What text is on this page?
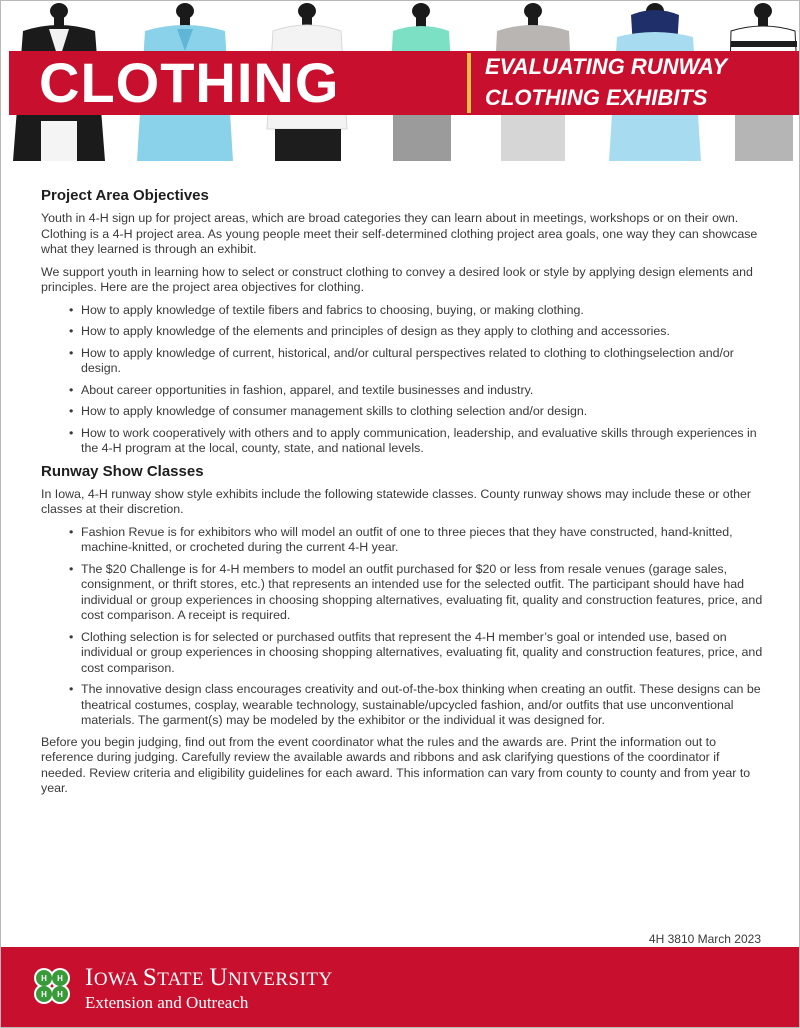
CLOTHING	EVALUATING RUNWAY
CLOTHING EXHIBITS
Project Area Objectives

Youth in 4-H sign up for project areas, which are broad categories they can learn about in meetings, workshops or on their own. Clothing is a 4-H project area. As young people meet their self-determined clothing project area goals, one way they can showcase what they learned is through an exhibit.

We support youth in learning how to select or construct clothing to convey a desired look or style by applying design elements and principles. Here are the project area objectives for clothing.

• How to apply knowledge of textile fibers and fabrics to choosing, buying, or making clothing.
• How to apply knowledge of the elements and principles of design as they apply to clothing and accessories.
• How to apply knowledge of current, historical, and/or cultural perspectives related to clothing to clothingselection and/or design.
• About career opportunities in fashion, apparel, and textile businesses and industry.
• How to apply knowledge of consumer management skills to clothing selection and/or design.
• How to work cooperatively with others and to apply communication, leadership, and evaluative skills through experiences in the 4-H program at the local, county, state, and national levels.
Runway Show Classes

In Iowa, 4-H runway show style exhibits include the following statewide classes. County runway shows may include these or other classes at their discretion.

• Fashion Revue is for exhibitors who will model an outfit of one to three pieces that they have constructed, hand-knitted, machine-knitted, or crocheted during the current 4-H year.
• The $20 Challenge is for 4-H members to model an outfit purchased for $20 or less from resale venues (garage sales, consignment, or thrift stores, etc.) that represents an intended use for the selected outfit. The participant should have had individual or group experiences in choosing shopping alternatives, evaluating fit, quality and construction features, price, and cost comparison. A receipt is required.
• Clothing selection is for selected or purchased outfits that represent the 4-H member’s goal or intended use, based on individual or group experiences in choosing shopping alternatives, evaluating fit, quality and construction features, price, and cost comparison.
• The innovative design class encourages creativity and out-of-the-box thinking when creating an outfit. These designs can be theatrical costumes, cosplay, wearable technology, sustainable/upcycled fashion, and/or outfits that use unconventional materials. The garment(s) may be modeled by the exhibitor or the individual it was designed for.

Before you begin judging, find out from the event coordinator what the rules and the awards are. Print the information out to reference during judging. Carefully review the available awards and ribbons and ask clarifying questions of the coordinator if needed. Review criteria and eligibility guidelines for each award. This information can vary from county to county and from year to year.

4H 3810 March 2023
H H
H H
IOWA STATE UNIVERSITY
Extension and Outreach
